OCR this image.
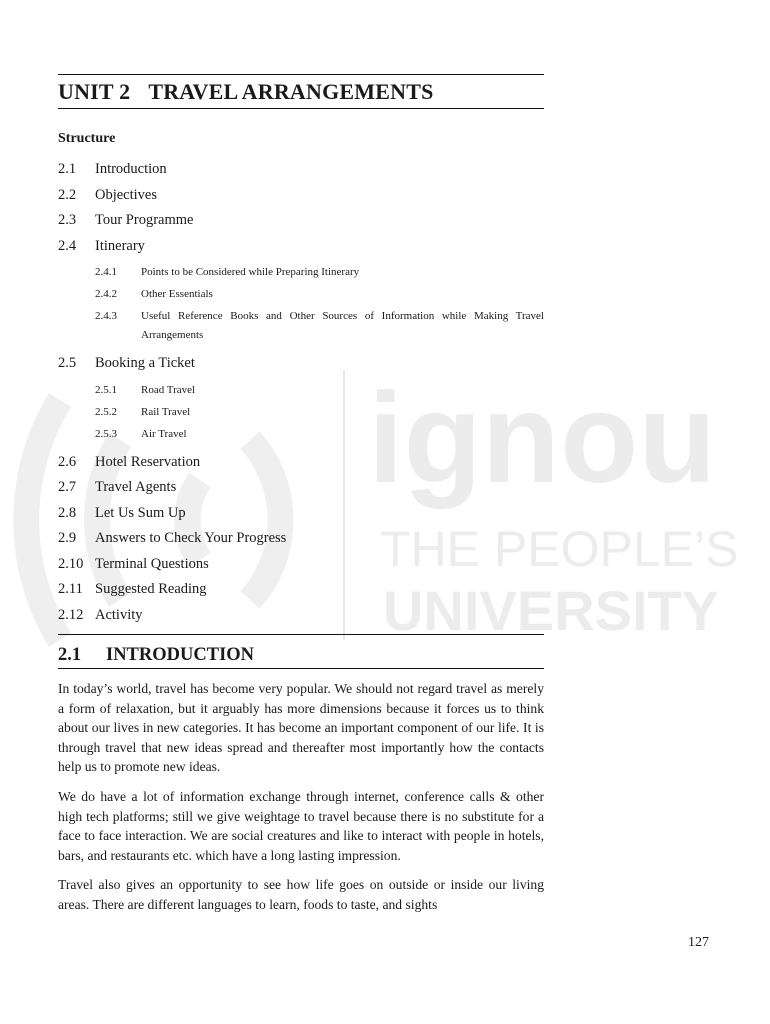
ignou
THE PEOPLE’S
UNIVERSITY
UNIT 2 TRAVEL ARRANGEMENTS
Structure
2.1	Introduction
2.2	Objectives
2.3	Tour Programme
2.4	Itinerary
2.4.1	Points to be Considered while Preparing Itinerary
2.4.2	Other Essentials
2.4.3	Useful Reference Books and Other Sources of Information while Making Travel Arrangements
2.5	Booking a Ticket
2.5.1	Road Travel
2.5.2	Rail Travel
2.5.3	Air Travel
2.6	Hotel Reservation
2.7	Travel Agents
2.8	Let Us Sum Up
2.9	Answers to Check Your Progress
2.10 Terminal Questions
2.11 Suggested Reading
2.12 Activity
2.1	INTRODUCTION

In today’s world, travel has become very popular. We should not regard travel as merely a form of relaxation, but it arguably has more dimensions because it forces us to think about our lives in new categories. It has become an important component of our life. It is through travel that new ideas spread and thereafter most importantly how the contacts help us to promote new ideas.

We do have a lot of information exchange through internet, conference calls & other high tech platforms; still we give weightage to travel because there is no substitute for a face to face interaction. We are social creatures and like to interact with people in hotels, bars, and restaurants etc. which have a long lasting impression.

Travel also gives an opportunity to see how life goes on outside or inside our living areas. There are different languages to learn, foods to taste, and sights

127
